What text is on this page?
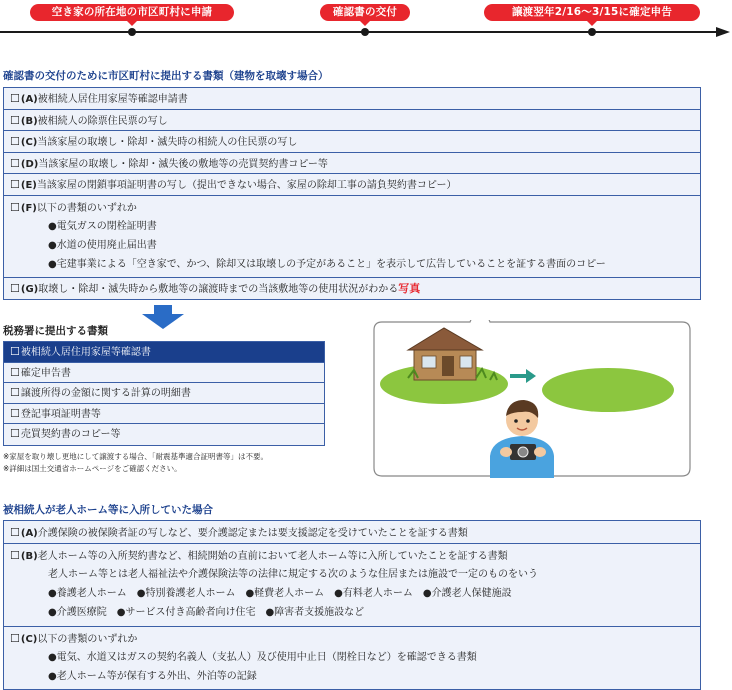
空き家の所在地の市区町村に申請	確認書の交付	譲渡翌年2/16〜3/15に確定申告
確認書の交付のために市区町村に提出する書類（建物を取壊す場合）
☐(A)被相続人居住用家屋等確認申請書
☐(B)被相続人の除票住民票の写し
☐(C)当該家屋の取壊し・除却・滅失時の相続人の住民票の写し
☐(D)当該家屋の取壊し・除却・滅失後の敷地等の売買契約書コピー等
☐(E)当該家屋の閉鎖事項証明書の写し（提出できない場合、家屋の除却工事の請負契約書コピー）
☐(F)以下の書類のいずれか
●電気ガスの閉栓証明書
●水道の使用廃止届出書
●宅建事業による「空き家で、かつ、除却又は取壊しの予定があること」を表示して広告していることを証する書面のコピー
☐(G)取壊し・除却・滅失時から敷地等の譲渡時までの当該敷地等の使用状況がわかる写真
税務署に提出する書類
☐被相続人居住用家屋等確認書
☐確定申告書
☐譲渡所得の金額に関する計算の明細書
☐登記事項証明書等
☐売買契約書のコピー等
※家屋を取り壊し更地にして譲渡する場合、「耐震基準適合証明書等」は不要。
※詳細は国土交通省ホームページをご確認ください。
被相続人が老人ホーム等に入所していた場合
☐(A)介護保険の被保険者証の写しなど、要介護認定または要支援認定を受けていたことを証する書類
☐(B)老人ホーム等の入所契約書など、相続開始の直前において老人ホーム等に入所していたことを証する書類
老人ホーム等とは老人福祉法や介護保険法等の法律に規定する次のような住居または施設で一定のものをいう
●養護老人ホーム　●特別養護老人ホーム　●軽費老人ホーム　●有料老人ホーム　●介護老人保健施設
●介護医療院　●サービス付き高齢者向け住宅　●障害者支援施設など
☐(C)以下の書類のいずれか
●電気、水道又はガスの契約名義人（支払人）及び使用中止日（閉栓日など）を確認できる書類
●老人ホーム等が保有する外出、外泊等の記録
